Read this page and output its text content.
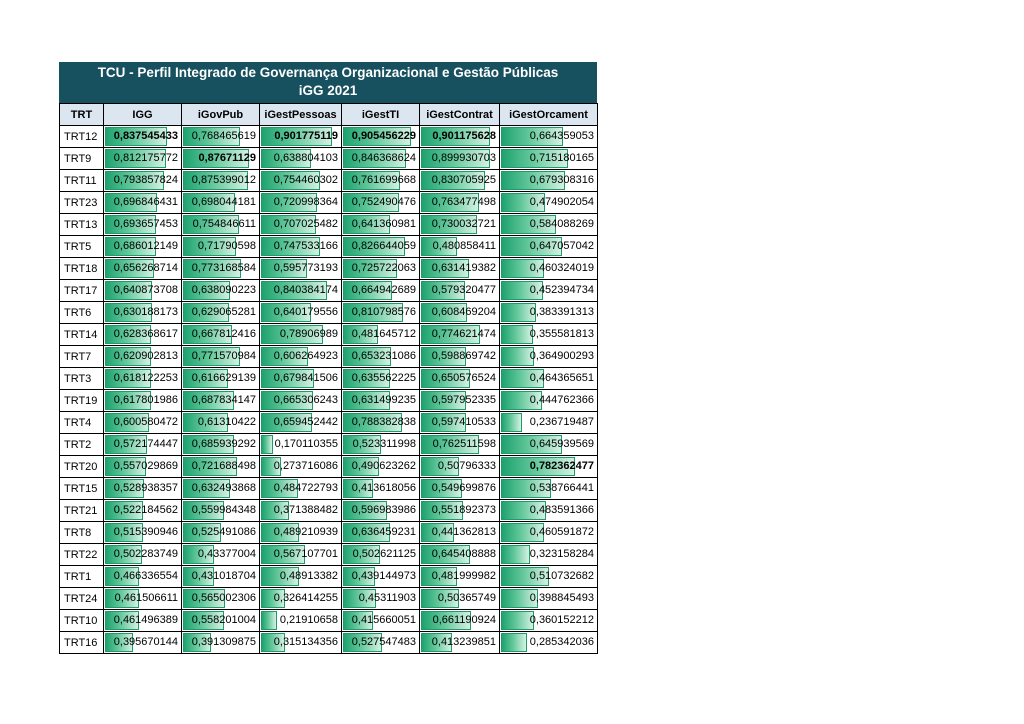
TCU - Perfil Integrado de Governança Organizacional e Gestão Públicas
iGG 2021
TRT	IGG	iGovPub	iGestPessoas	iGestTI	iGestContrat	iGestOrcament
TRT12	0,837545433	0,768465619	0,901775119	0,905456229	0,901175628	0,664359053

TRT9	0,812175772	0,87671129	0,638804103	0,846368624	0,899930703	0,715180165

TRT11	0,793857824	0,875399012	0,754460302	0,761699668	0,830705925	0,679308316

TRT23	0,696846431	0,698044181	0,720998364	0,752490476	0,763477498	0,474902054

TRT13	0,693657453	0,754846611	0,707025482	0,641360981	0,730032721	0,584088269

TRT5	0,686012149	0,71790598	0,747533166	0,826644059	0,480858411	0,647057042

TRT18	0,656268714	0,773168584	0,595773193	0,725722063	0,631419382	0,460324019

TRT17	0,640873708	0,638090223	0,840384174	0,664942689	0,579320477	0,452394734

TRT6	0,630188173	0,629065281	0,640179556	0,810798576	0,608469204	0,383391313

TRT14	0,628368617	0,667812416	0,78906989	0,481645712	0,774621474	0,355581813

TRT7	0,620902813	0,771570984	0,606264923	0,653231086	0,598869742	0,364900293

TRT3	0,618122253	0,616629139	0,679841506	0,635562225	0,650576524	0,464365651

TRT19	0,617801986	0,687834147	0,665306243	0,631499235	0,597952335	0,444762366

TRT4	0,600580472	0,61310422	0,659452442	0,788382838	0,597410533	0,236719487

TRT2	0,572174447	0,685939292	0,170110355	0,523311998	0,762511598	0,645939569

TRT20	0,557029869	0,721688498	0,273716086	0,490623262	0,50796333	0,782362477

TRT15	0,528938357	0,632493868	0,484722793	0,413618056	0,549699876	0,538766441

TRT21	0,522184562	0,559984348	0,371388482	0,596983986	0,551892373	0,483591366

TRT8	0,515390946	0,525491086	0,489210939	0,636459231	0,441362813	0,460591872

TRT22	0,502283749	0,43377004	0,567107701	0,502621125	0,645408888	0,323158284

TRT1	0,466336554	0,431018704	0,48913382	0,439144973	0,481999982	0,510732682

TRT24	0,461506611	0,565002306	0,326414255	0,45311903	0,50365749	0,398845493

TRT10	0,461496389	0,558201004	0,21910658	0,415660051	0,661190924	0,360152212

TRT16	0,395670144	0,391309875	0,315134356	0,527547483	0,413239851	0,285342036
